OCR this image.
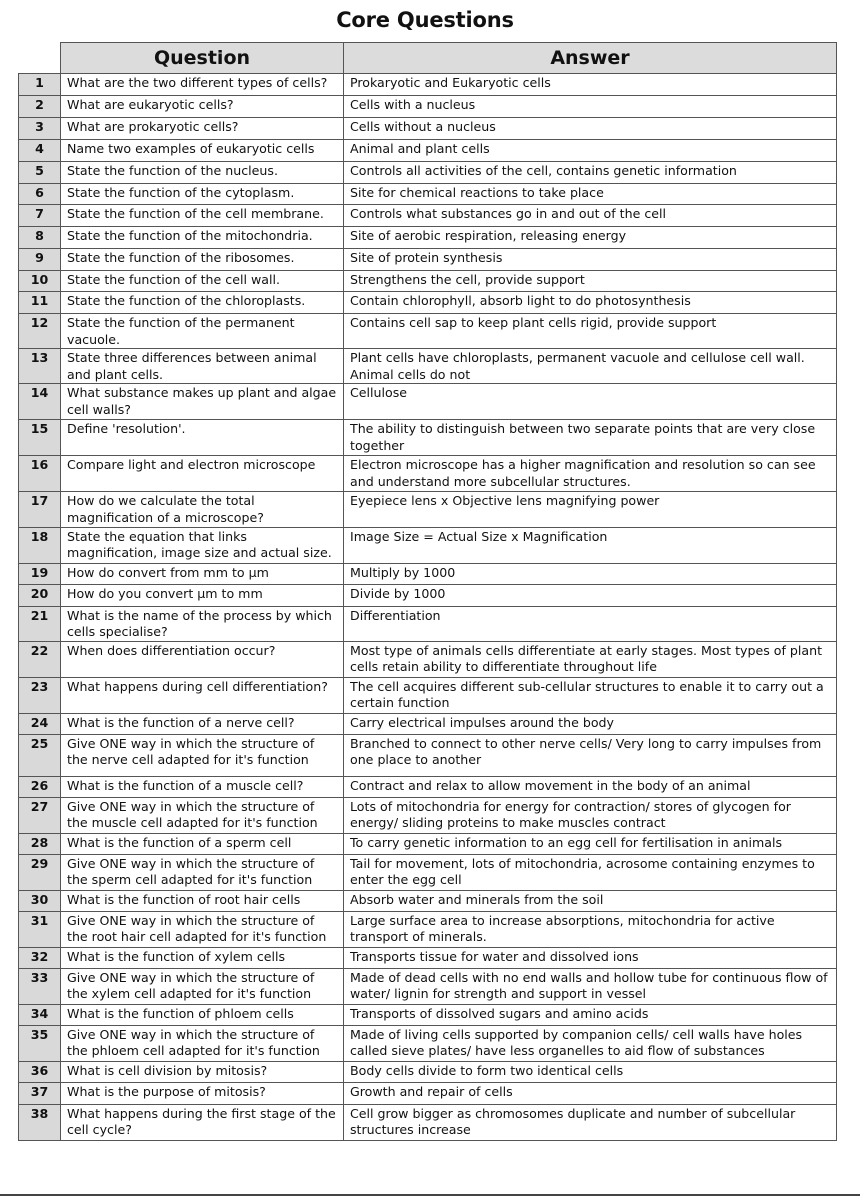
Core Questions
	Question	Answer
1	What are the two different types of cells?	Prokaryotic and Eukaryotic cells
2	What are eukaryotic cells?	Cells with a nucleus
3	What are prokaryotic cells?	Cells without a nucleus
4	Name two examples of eukaryotic cells	Animal and plant cells
5	State the function of the nucleus.	Controls all activities of the cell, contains genetic information
6	State the function of the cytoplasm.	Site for chemical reactions to take place
7	State the function of the cell membrane.	Controls what substances go in and out of the cell
8	State the function of the mitochondria.	Site of aerobic respiration, releasing energy
9	State the function of the ribosomes.	Site of protein synthesis
10	State the function of the cell wall.	Strengthens the cell, provide support
11	State the function of the chloroplasts.	Contain chlorophyll, absorb light to do photosynthesis
12	State the function of the permanent vacuole.	Contains cell sap to keep plant cells rigid, provide support
13	State three differences between animal and plant cells.	Plant cells have chloroplasts, permanent vacuole and cellulose cell wall. Animal cells do not
14	What substance makes up plant and algae cell walls?	Cellulose
15	Define 'resolution'.	The ability to distinguish between two separate points that are very close together
16	Compare light and electron microscope	Electron microscope has a higher magnification and resolution so can see and understand more subcellular structures.
17	How do we calculate the total magnification of a microscope?	Eyepiece lens x Objective lens magnifying power
18	State the equation that links magnification, image size and actual size.	Image Size = Actual Size x Magnification
19	How do convert from mm to µm	Multiply by 1000
20	How do you convert µm to mm	Divide by 1000
21	What is the name of the process by which cells specialise?	Differentiation
22	When does differentiation occur?	Most type of animals cells differentiate at early stages. Most types of plant cells retain ability to differentiate throughout life
23	What happens during cell differentiation?	The cell acquires different sub-cellular structures to enable it to carry out a certain function
24	What is the function of a nerve cell?	Carry electrical impulses around the body
25	Give ONE way in which the structure of the nerve cell adapted for it's function	Branched to connect to other nerve cells/ Very long to carry impulses from one place to another
26	What is the function of a muscle cell?	Contract and relax to allow movement in the body of an animal
27	Give ONE way in which the structure of the muscle cell adapted for it's function	Lots of mitochondria for energy for contraction/ stores of glycogen for energy/ sliding proteins to make muscles contract
28	What is the function of a sperm cell	To carry genetic information to an egg cell for fertilisation in animals
29	Give ONE way in which the structure of the sperm cell adapted for it's function	Tail for movement, lots of mitochondria, acrosome containing enzymes to enter the egg cell
30	What is the function of root hair cells	Absorb water and minerals from the soil
31	Give ONE way in which the structure of the root hair cell adapted for it's function	Large surface area to increase absorptions, mitochondria for active transport of minerals.
32	What is the function of xylem cells	Transports tissue for water and dissolved ions
33	Give ONE way in which the structure of the xylem cell adapted for it's function	Made of dead cells with no end walls and hollow tube for continuous flow of water/ lignin for strength and support in vessel
34	What is the function of phloem cells	Transports of dissolved sugars and amino acids
35	Give ONE way in which the structure of the phloem cell adapted for it's function	Made of living cells supported by companion cells/ cell walls have holes called sieve plates/ have less organelles to aid flow of substances
36	What is cell division by mitosis?	Body cells divide to form two identical cells
37	What is the purpose of mitosis?	Growth and repair of cells
38	What happens during the first stage of the cell cycle?	Cell grow bigger as chromosomes duplicate and number of subcellular structures increase
